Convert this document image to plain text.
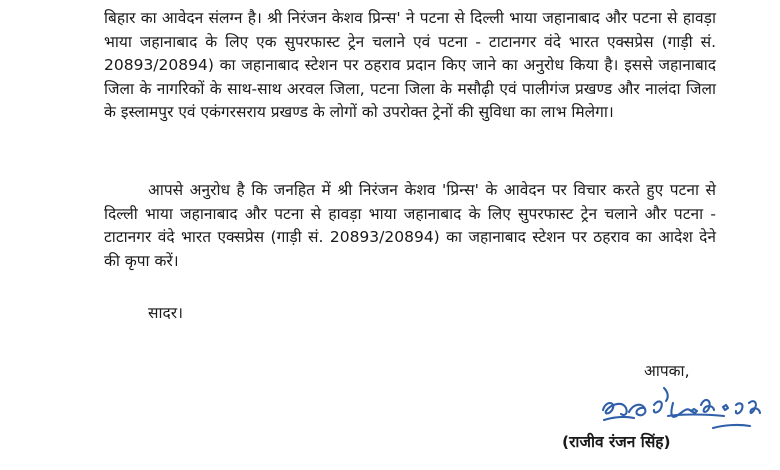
बिहार का आवेदन संलग्न है। श्री निरंजन केशव प्रिन्स' ने पटना से दिल्ली भाया जहानाबाद और पटना से हावड़ा भाया जहानाबाद के लिए एक सुपरफास्ट ट्रेन चलाने एवं पटना - टाटानगर वंदे भारत एक्सप्रेस (गाड़ी सं. 20893/20894) का जहानाबाद स्टेशन पर ठहराव प्रदान किए जाने का अनुरोध किया है। इससे जहानाबाद जिला के नागरिकों के साथ-साथ अरवल जिला, पटना जिला के मसौढ़ी एवं पालीगंज प्रखण्ड और नालंदा जिला के इस्लामपुर एवं एकंगरसराय प्रखण्ड के लोगों को उपरोक्त ट्रेनों की सुविधा का लाभ मिलेगा।

आपसे अनुरोध है कि जनहित में श्री निरंजन केशव 'प्रिन्स' के आवेदन पर विचार करते हुए पटना से दिल्ली भाया जहानाबाद और पटना से हावड़ा भाया जहानाबाद के लिए सुपरफास्ट ट्रेन चलाने और पटना - टाटानगर वंदे भारत एक्सप्रेस (गाड़ी सं. 20893/20894) का जहानाबाद स्टेशन पर ठहराव का आदेश देने की कृपा करें।

सादर।
आपका,
(राजीव रंजन सिंह)
